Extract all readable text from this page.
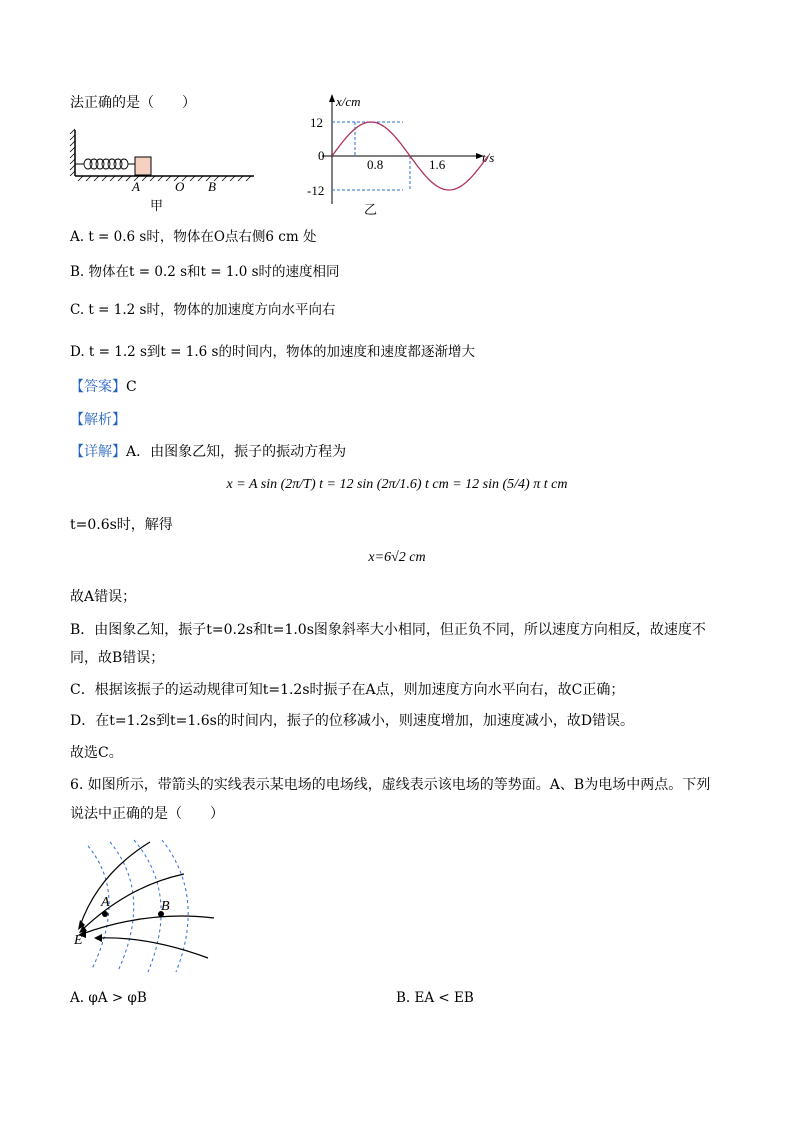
法正确的是（　　）
A	O B
甲
x/cm
t/s
12
0
-12
0.8	1.6
乙
A. t = 0.6 s时，物体在O点右侧6 cm 处
B. 物体在t = 0.2 s和t = 1.0 s时的速度相同
C. t = 1.2 s时，物体的加速度方向水平向右
D. t = 1.2 s到t = 1.6 s的时间内，物体的加速度和速度都逐渐增大
【答案】C
【解析】
【详解】A．由图象乙知，振子的振动方程为
x = A sin (2π/T) t = 12 sin (2π/1.6) t cm = 12 sin (5/4) π t cm
t=0.6s时，解得
x=6√2 cm
故A错误；
B．由图象乙知，振子t=0.2s和t=1.0s图象斜率大小相同，但正负不同，所以速度方向相反，故速度不
同，故B错误；
C．根据该振子的运动规律可知t=1.2s时振子在A点，则加速度方向水平向右，故C正确；
D．在t=1.2s到t=1.6s的时间内，振子的位移减小，则速度增加，加速度减小，故D错误。
故选C。
6. 如图所示，带箭头的实线表示某电场的电场线，虚线表示该电场的等势面。A、B为电场中两点。下列
说法中正确的是（　　）
A	B
E
A. φA > φB	B. EA < EB
